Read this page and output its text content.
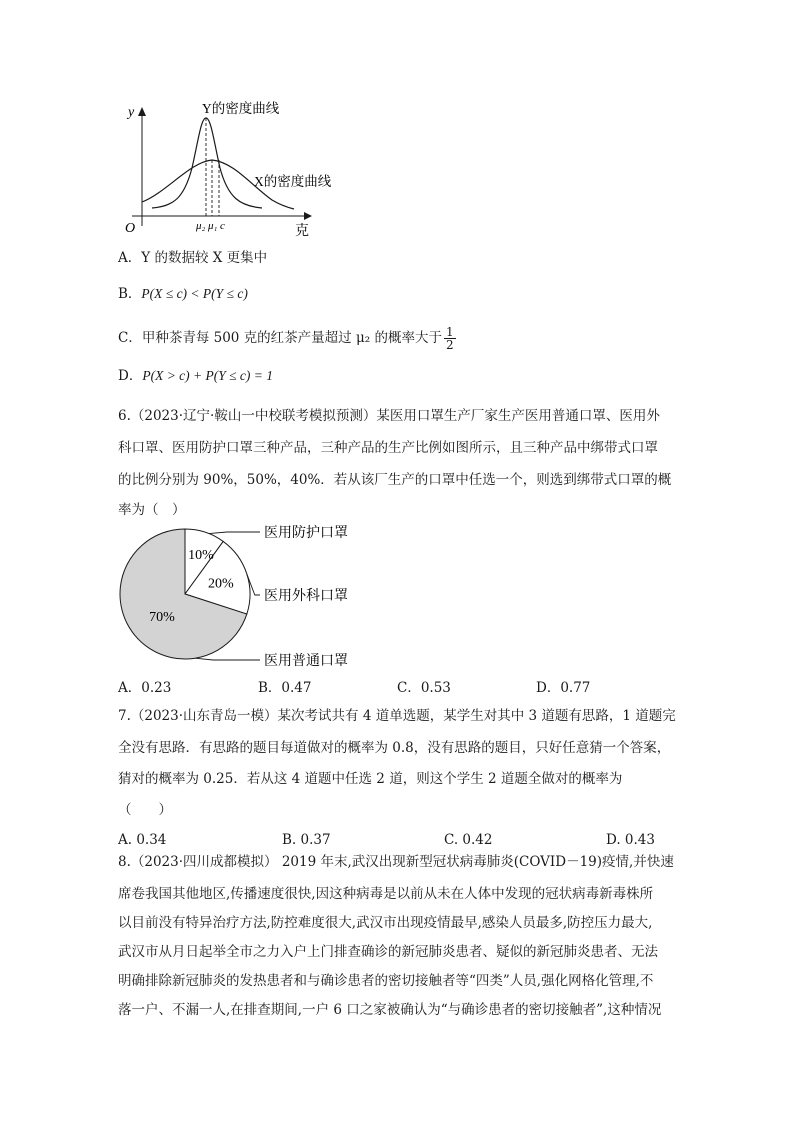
y
O	克
Y的密度曲线
X的密度曲线
μ₂ μ₁ c
A．Y 的数据较 X 更集中
B．P(X ≤ c) < P(Y ≤ c)
C．甲种茶青每 500 克的红茶产量超过 μ₂ 的概率大于 $\frac{1}{2}$
D．P(X > c) + P(Y ≤ c) = 1
6.（2023·辽宁·鞍山一中校联考模拟预测）某医用口罩生产厂家生产医用普通口罩、医用外
科口罩、医用防护口罩三种产品，三种产品的生产比例如图所示，且三种产品中绑带式口罩
的比例分别为 90%，50%，40%．若从该厂生产的口罩中任选一个，则选到绑带式口罩的概
率为（　）
10%
医用防护口罩
20%
医用外科口罩
70%
医用普通口罩
A．0.23	B．0.47	C．0.53	D．0.77
7.（2023·山东青岛一模）某次考试共有 4 道单选题，某学生对其中 3 道题有思路，1 道题完
全没有思路．有思路的题目每道做对的概率为 0.8，没有思路的题目，只好任意猜一个答案，
猜对的概率为 0.25．若从这 4 道题中任选 2 道，则这个学生 2 道题全做对的概率为
（　　）
A. 0.34	B. 0.37	C. 0.42	D. 0.43
8.（2023·四川成都模拟） 2019 年末,武汉出现新型冠状病毒肺炎(COVID－19)疫情,并快速
席卷我国其他地区,传播速度很快,因这种病毒是以前从未在人体中发现的冠状病毒新毒株所
以目前没有特异治疗方法,防控难度很大,武汉市出现疫情最早,感染人员最多,防控压力最大,
武汉市从月日起举全市之力入户上门排查确诊的新冠肺炎患者、疑似的新冠肺炎患者、无法
明确排除新冠肺炎的发热患者和与确诊患者的密切接触者等“四类”人员,强化网格化管理,不
落一户、不漏一人,在排查期间,一户 6 口之家被确认为“与确诊患者的密切接触者”,这种情况
